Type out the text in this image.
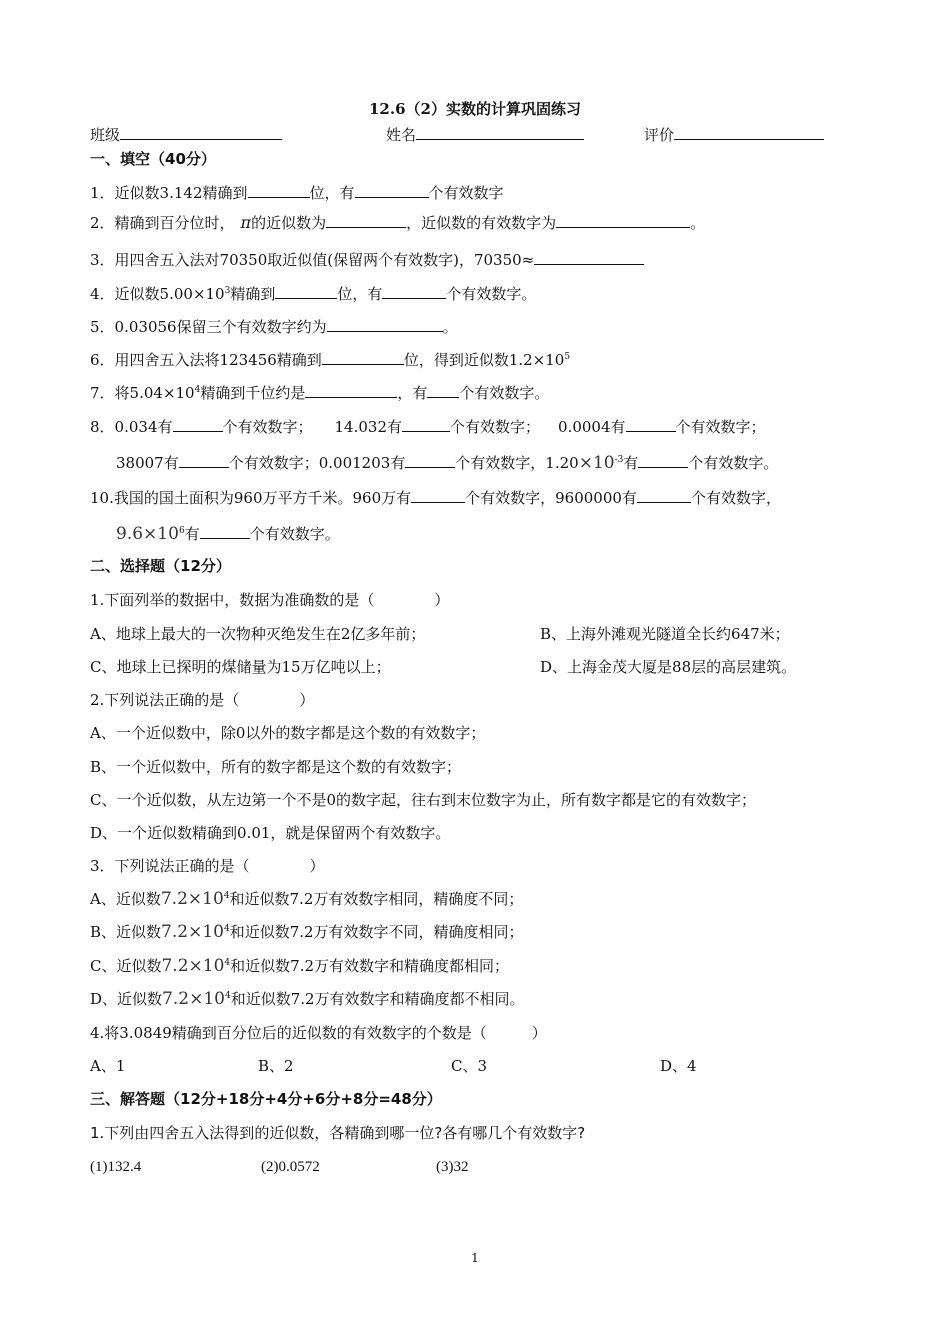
12.6（2）实数的计算巩固练习
班级	姓名	评价
一、填空（40分）
1．近似数3.142精确到	位，有	个有效数字
2．精确到百分位时， π的近似数为	，近似数的有效数字为	。
3．用四舍五入法对70350取近似值(保留两个有效数字)，70350≈
4．近似数$5.00\times 10^3$精确到	位，有	个有效数字。
5．0.03056保留三个有效数字约为	。
6．用四舍五入法将123456精确到	位，得到近似数$1.2\times 10^5$
7．将$5.04\times 10^4$精确到千位约是	，有 个有效数字。
8．0.034有	个有效数字； 14.032有	个有效数字； 0.0004有	个有效数字；
38007有	个有效数字；0.001203有	个有效数字，$1.20\times 10^{-3}$有	个有效数字。
10.我国的国土面积为960万平方千米。960万有	个有效数字，9600000有	个有效数字，
$9.6\times 10^6$有	个有效数字。
二、选择题（12分）
1.下面列举的数据中，数据为准确数的是（　　　　）
A、地球上最大的一次物种灭绝发生在2亿多年前；	B、上海外滩观光隧道全长约647米；
C、地球上已探明的煤储量为15万亿吨以上；	D、上海金茂大厦是88层的高层建筑。
2.下列说法正确的是（　　　　）
A、一个近似数中，除0以外的数字都是这个数的有效数字；
B、一个近似数中，所有的数字都是这个数的有效数字；
C、一个近似数，从左边第一个不是0的数字起，往右到末位数字为止，所有数字都是它的有效数字；
D、一个近似数精确到0.01，就是保留两个有效数字。
3．下列说法正确的是（　　　　）
A、近似数$7.2\times 10^4$和近似数7.2万有效数字相同，精确度不同；
B、近似数$7.2\times 10^4$和近似数7.2万有效数字不同，精确度相同；
C、近似数$7.2\times 10^4$和近似数7.2万有效数字和精确度都相同；
D、近似数$7.2\times 10^4$和近似数7.2万有效数字和精确度都不相同。
4.将3.0849精确到百分位后的近似数的有效数字的个数是（　　　）
A、1	B、2	C、3	D、4
三、解答题（12分+18分+4分+6分+8分=48分）
1.下列由四舍五入法得到的近似数，各精确到哪一位?各有哪几个有效数字?
(1)132.4	(2)0.0572	(3)32
1
